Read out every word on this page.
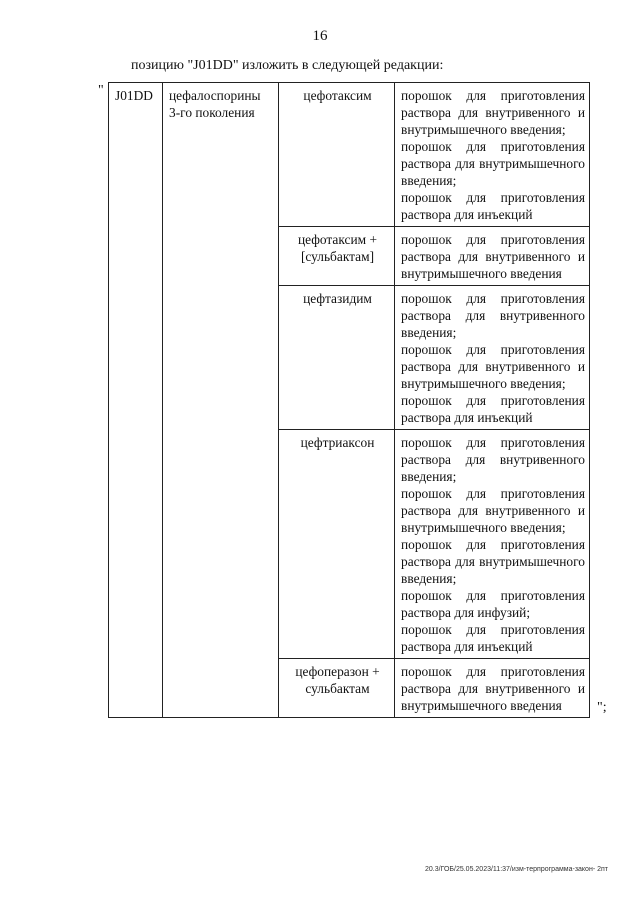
16
позицию "J01DD" изложить в следующей редакции:
" J01DD	цефалоспорины 3-го поколения	цефотаксим	порошок для приготовления раствора для внутривенного и внутримышечного введения;
порошок для приготовления раствора для внутримышечного введения;
порошок для приготовления раствора для инъекций

		цефотаксим + [сульбактам]	порошок для приготовления раствора для внутривенного и внутримышечного введения

		цефтазидим	порошок для приготовления раствора для внутривенного введения;
порошок для приготовления раствора для внутривенного и внутримышечного введения;
порошок для приготовления раствора для инъекций

		цефтриаксон	порошок для приготовления раствора для внутривенного введения;
порошок для приготовления раствора для внутривенного и внутримышечного введения;
порошок для приготовления раствора для внутримышечного введения;
порошок для приготовления раствора для инфузий;
порошок для приготовления раствора для инъекций

		цефоперазон + сульбактам	порошок для приготовления раствора для внутривенного и внутримышечного введения	";
20.3/ГОБ/25.05.2023/11:37/изм-терпрограмма-закон- 2пт
